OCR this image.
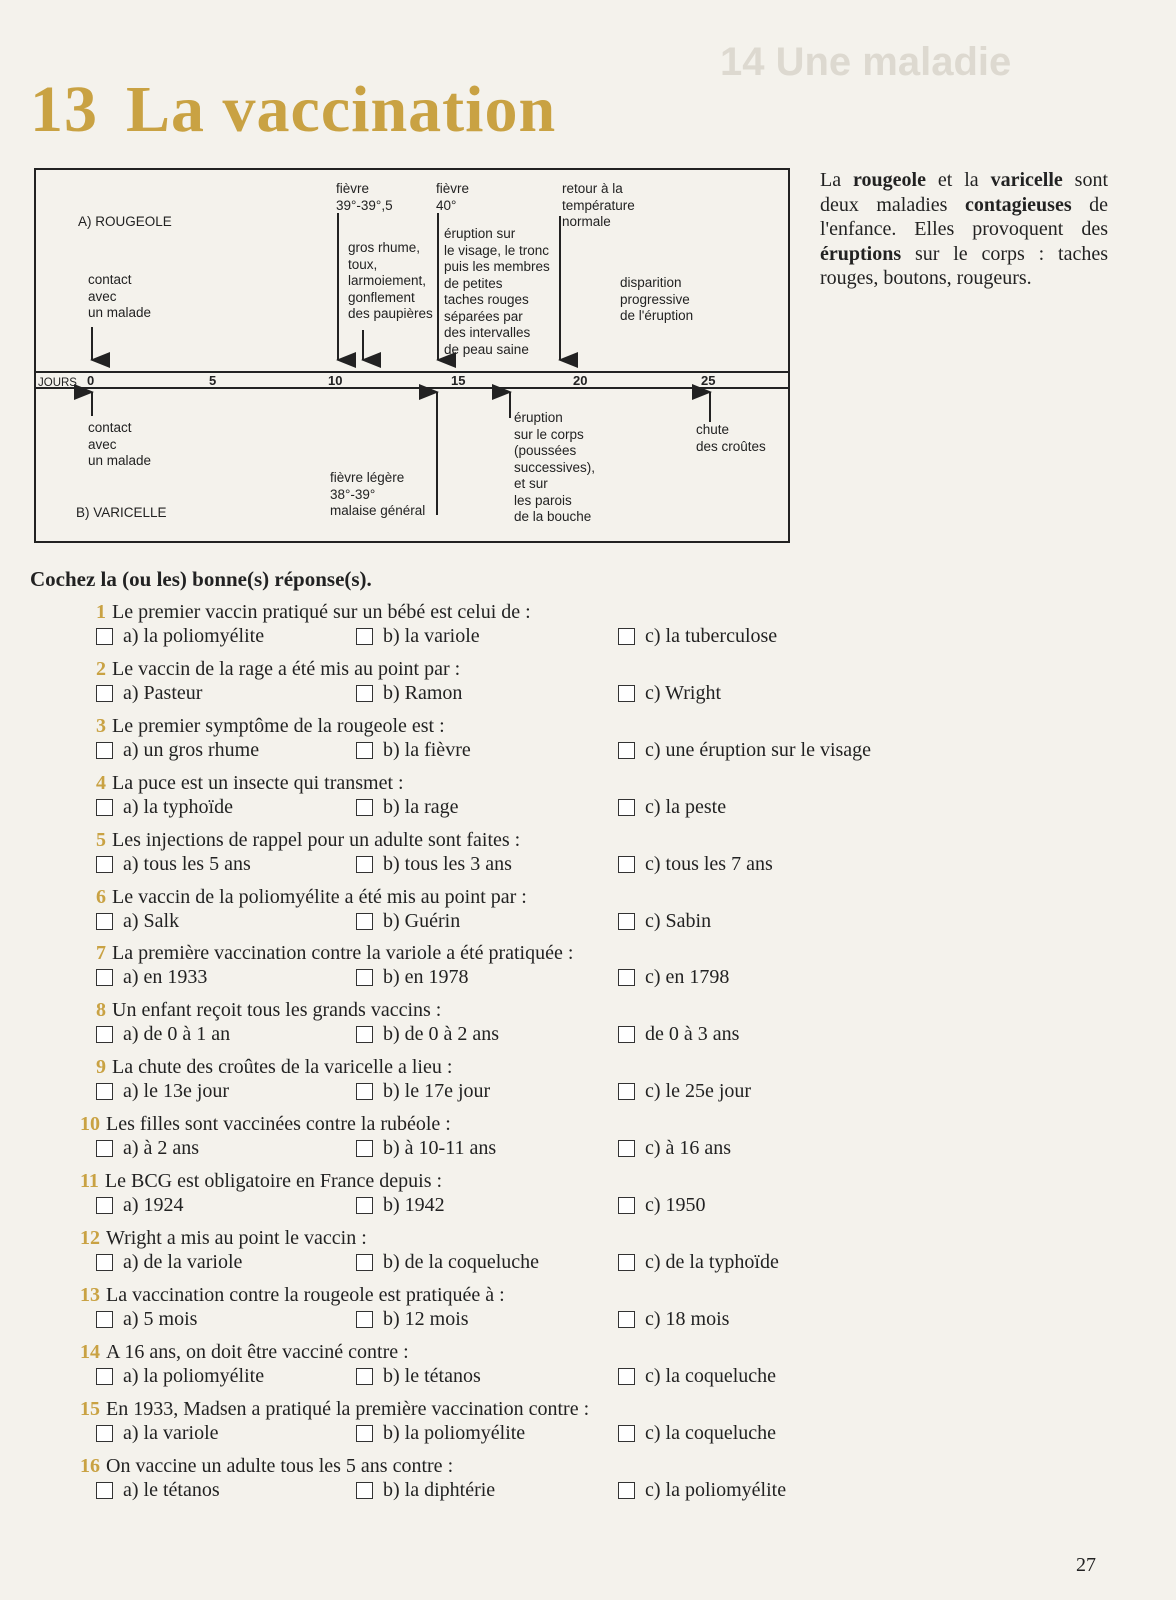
14 Une maladie
13 La vaccination
A) ROUGEOLE
contact
avec
un malade
fièvre
39°-39°,5
fièvre
40°
retour à la
température
normale
gros rhume,
toux,
larmoiement,
gonflement
des paupières
éruption sur
le visage, le tronc
puis les membres
de petites
taches rouges
séparées par
des intervalles
de peau saine
disparition
progressive
de l'éruption
JOURS 0	5	10	15	20	25
contact
avec
un malade
B) VARICELLE
fièvre légère
38°-39°
malaise général
éruption
sur le corps
(poussées
successives),
et sur
les parois
de la bouche
chute
des croûtes
La rougeole et la varicelle sont deux maladies contagieuses de l'enfance. Elles provoquent des éruptions sur le corps : taches rouges, boutons, rougeurs.
Cochez la (ou les) bonne(s) réponse(s).
1 Le premier vaccin pratiqué sur un bébé est celui de :
a) la poliomyélite	b) la variole	c) la tuberculose
2 Le vaccin de la rage a été mis au point par :
a) Pasteur	b) Ramon	c) Wright
3 Le premier symptôme de la rougeole est :
a) un gros rhume	b) la fièvre	c) une éruption sur le visage
4 La puce est un insecte qui transmet :
a) la typhoïde	b) la rage	c) la peste
5 Les injections de rappel pour un adulte sont faites :
a) tous les 5 ans	b) tous les 3 ans	c) tous les 7 ans
6 Le vaccin de la poliomyélite a été mis au point par :
a) Salk	b) Guérin	c) Sabin
7 La première vaccination contre la variole a été pratiquée :
a) en 1933	b) en 1978	c) en 1798
8 Un enfant reçoit tous les grands vaccins :
a) de 0 à 1 an	b) de 0 à 2 ans	de 0 à 3 ans
9 La chute des croûtes de la varicelle a lieu :
a) le 13e jour	b) le 17e jour	c) le 25e jour
10 Les filles sont vaccinées contre la rubéole :
a) à 2 ans	b) à 10-11 ans	c) à 16 ans
11 Le BCG est obligatoire en France depuis :
a) 1924	b) 1942	c) 1950
12 Wright a mis au point le vaccin :
a) de la variole	b) de la coqueluche	c) de la typhoïde
13 La vaccination contre la rougeole est pratiquée à :
a) 5 mois	b) 12 mois	c) 18 mois
14 A 16 ans, on doit être vacciné contre :
a) la poliomyélite	b) le tétanos	c) la coqueluche
15 En 1933, Madsen a pratiqué la première vaccination contre :
a) la variole	b) la poliomyélite	c) la coqueluche
16 On vaccine un adulte tous les 5 ans contre :
a) le tétanos	b) la diphtérie	c) la poliomyélite
27
